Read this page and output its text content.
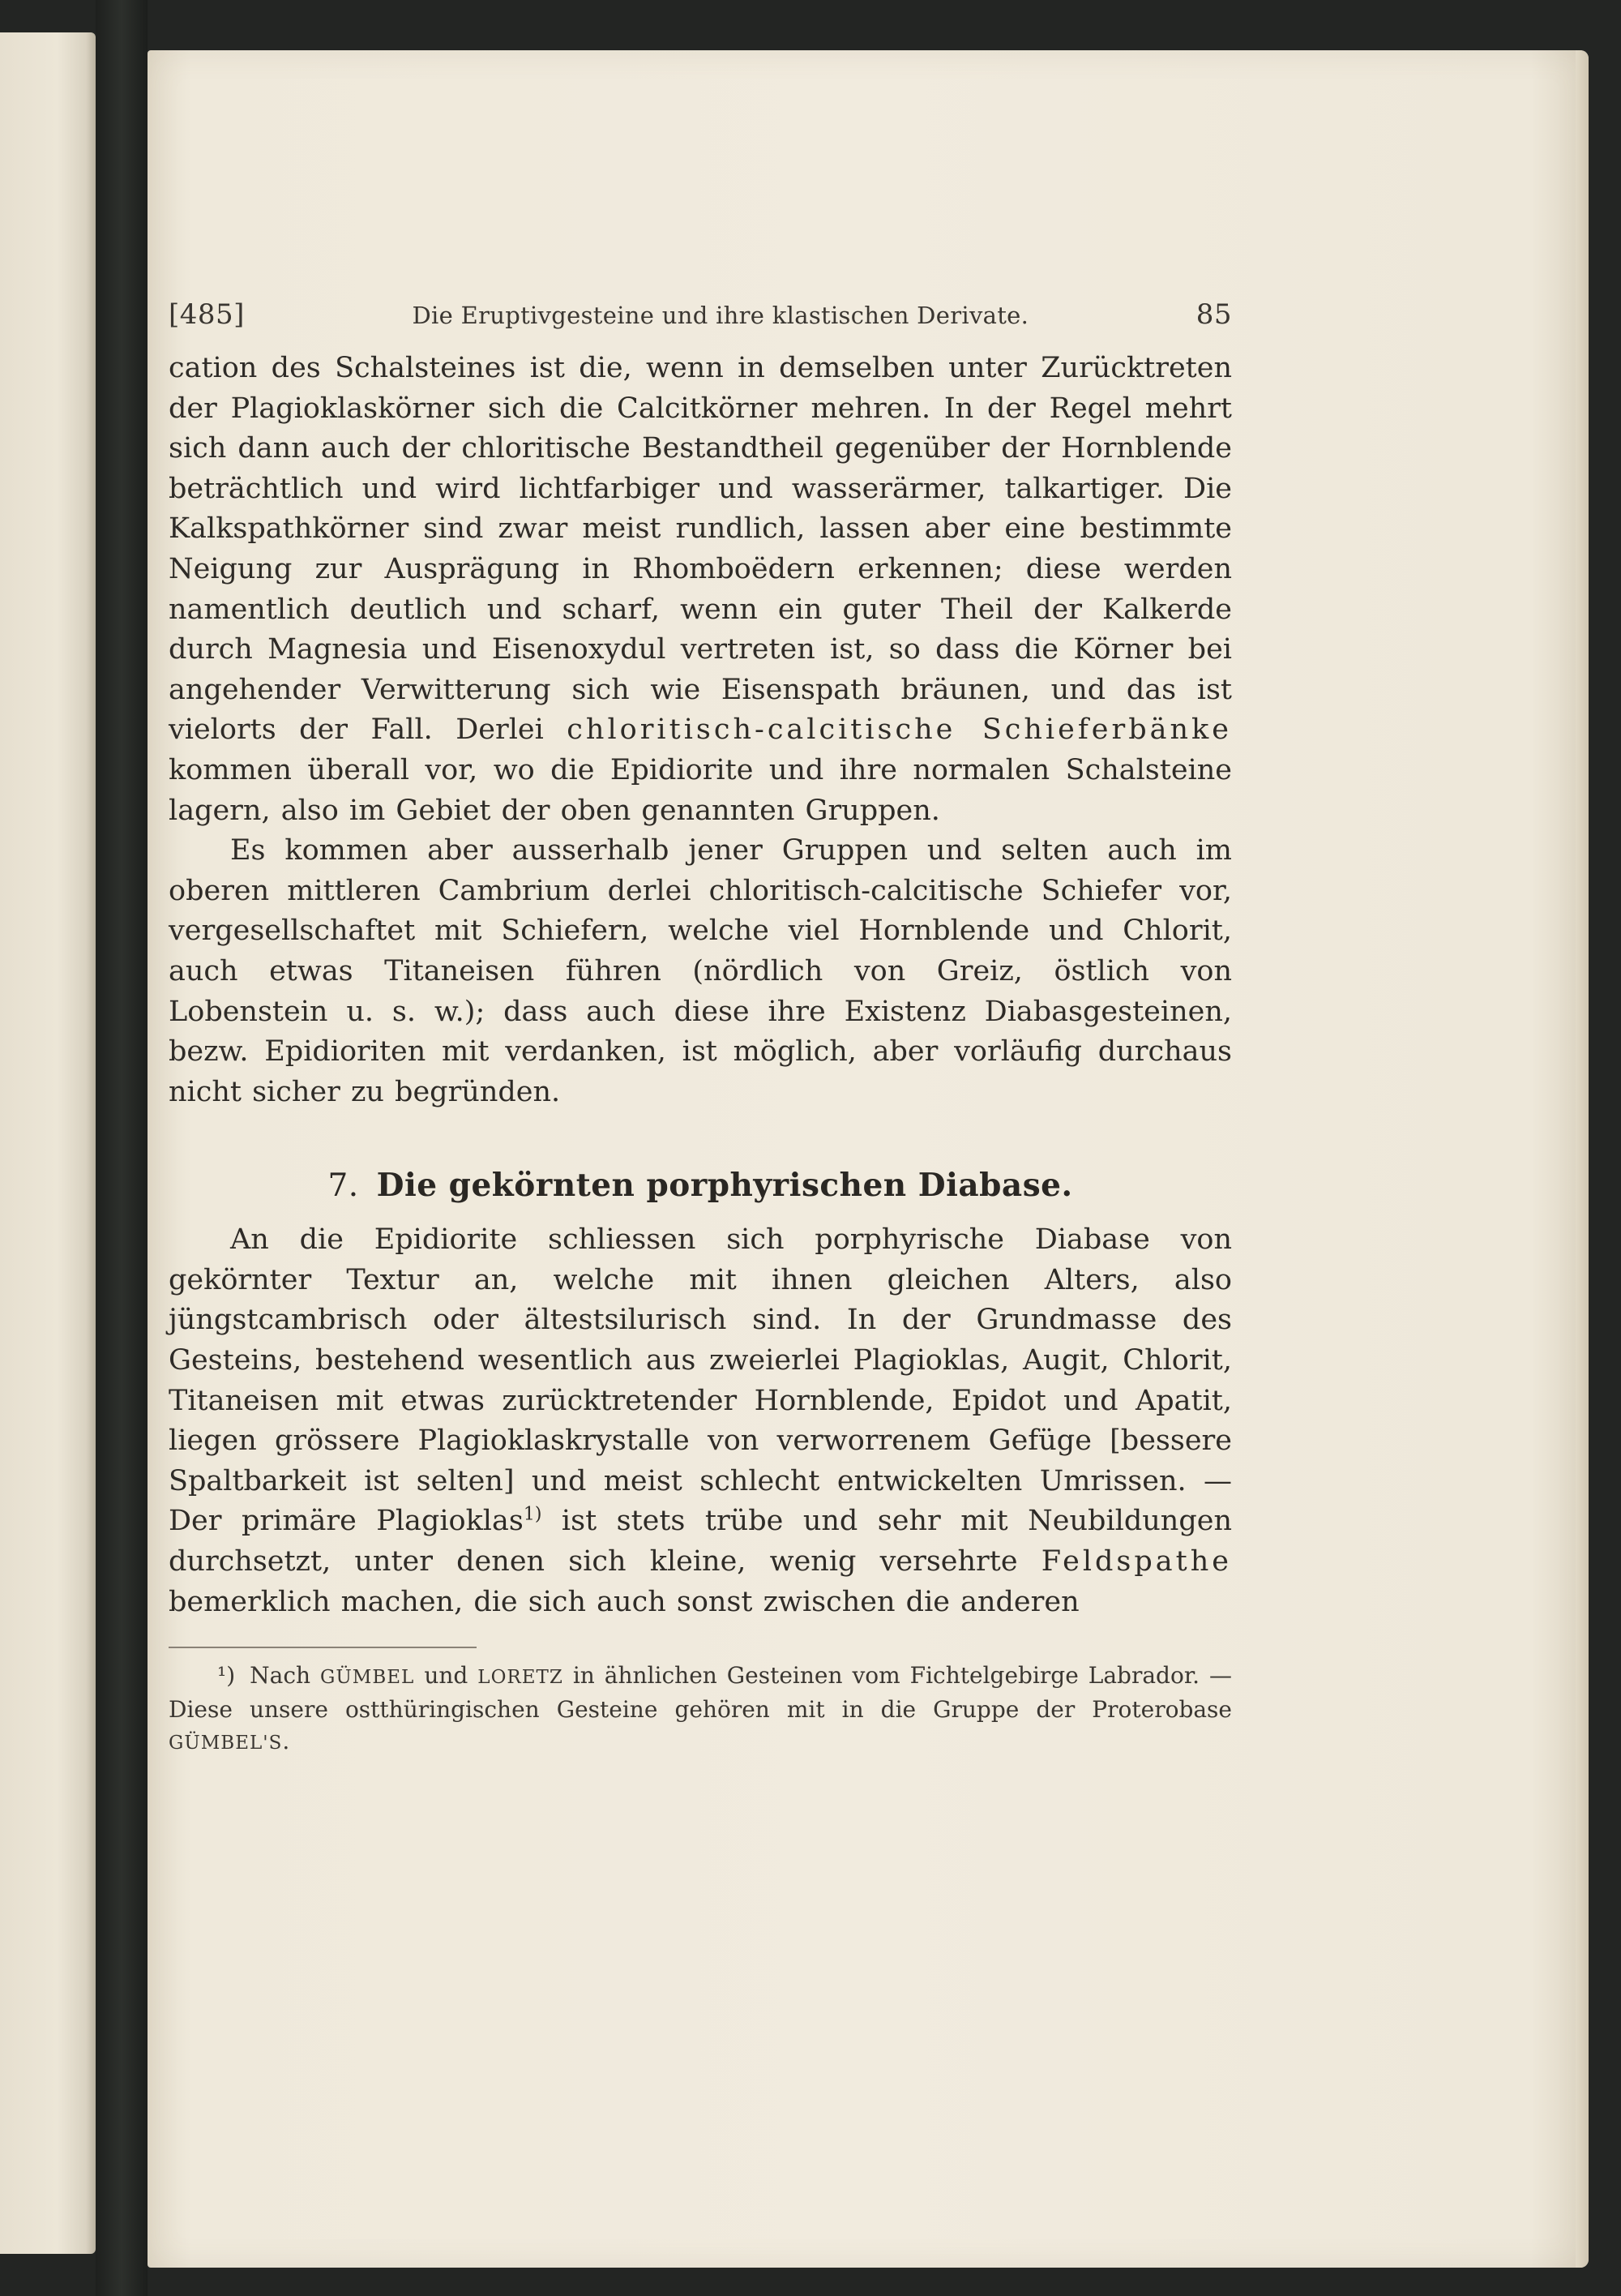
[485]	Die Eruptivgesteine und ihre klastischen Derivate.	85

cation des Schalsteines ist die, wenn in demselben unter Zurücktreten der Plagioklaskörner sich die Calcitkörner mehren. In der Regel mehrt sich dann auch der chloritische Bestandtheil gegenüber der Hornblende beträchtlich und wird lichtfarbiger und wasserärmer, talkartiger. Die Kalkspathkörner sind zwar meist rundlich, lassen aber eine bestimmte Neigung zur Ausprägung in Rhomboëdern erkennen; diese werden namentlich deutlich und scharf, wenn ein guter Theil der Kalkerde durch Magnesia und Eisenoxydul vertreten ist, so dass die Körner bei angehender Verwitterung sich wie Eisenspath bräunen, und das ist vielorts der Fall. Derlei chloritisch-calcitische Schieferbänke kommen überall vor, wo die Epidiorite und ihre normalen Schalsteine lagern, also im Gebiet der oben genannten Gruppen.

Es kommen aber ausserhalb jener Gruppen und selten auch im oberen mittleren Cambrium derlei chloritisch-calcitische Schiefer vor, vergesellschaftet mit Schiefern, welche viel Hornblende und Chlorit, auch etwas Titaneisen führen (nördlich von Greiz, östlich von Lobenstein u. s. w.); dass auch diese ihre Existenz Diabasgesteinen, bezw. Epidioriten mit verdanken, ist möglich, aber vorläufig durchaus nicht sicher zu begründen.

7. Die gekörnten porphyrischen Diabase.

An die Epidiorite schliessen sich porphyrische Diabase von gekörnter Textur an, welche mit ihnen gleichen Alters, also jüngstcambrisch oder ältestsilurisch sind. In der Grundmasse des Gesteins, bestehend wesentlich aus zweierlei Plagioklas, Augit, Chlorit, Titaneisen mit etwas zurücktretender Hornblende, Epidot und Apatit, liegen grössere Plagioklaskrystalle von verworrenem Gefüge [bessere Spaltbarkeit ist selten] und meist schlecht entwickelten Umrissen. — Der primäre Plagioklas$^{1)}$ ist stets trübe und sehr mit Neubildungen durchsetzt, unter denen sich kleine, wenig versehrte Feldspathe bemerklich machen, die sich auch sonst zwischen die anderen

¹) Nach GÜMBEL und LORETZ in ähnlichen Gesteinen vom Fichtelgebirge Labrador. — Diese unsere ostthüringischen Gesteine gehören mit in die Gruppe der Proterobase GÜMBEL'S.
